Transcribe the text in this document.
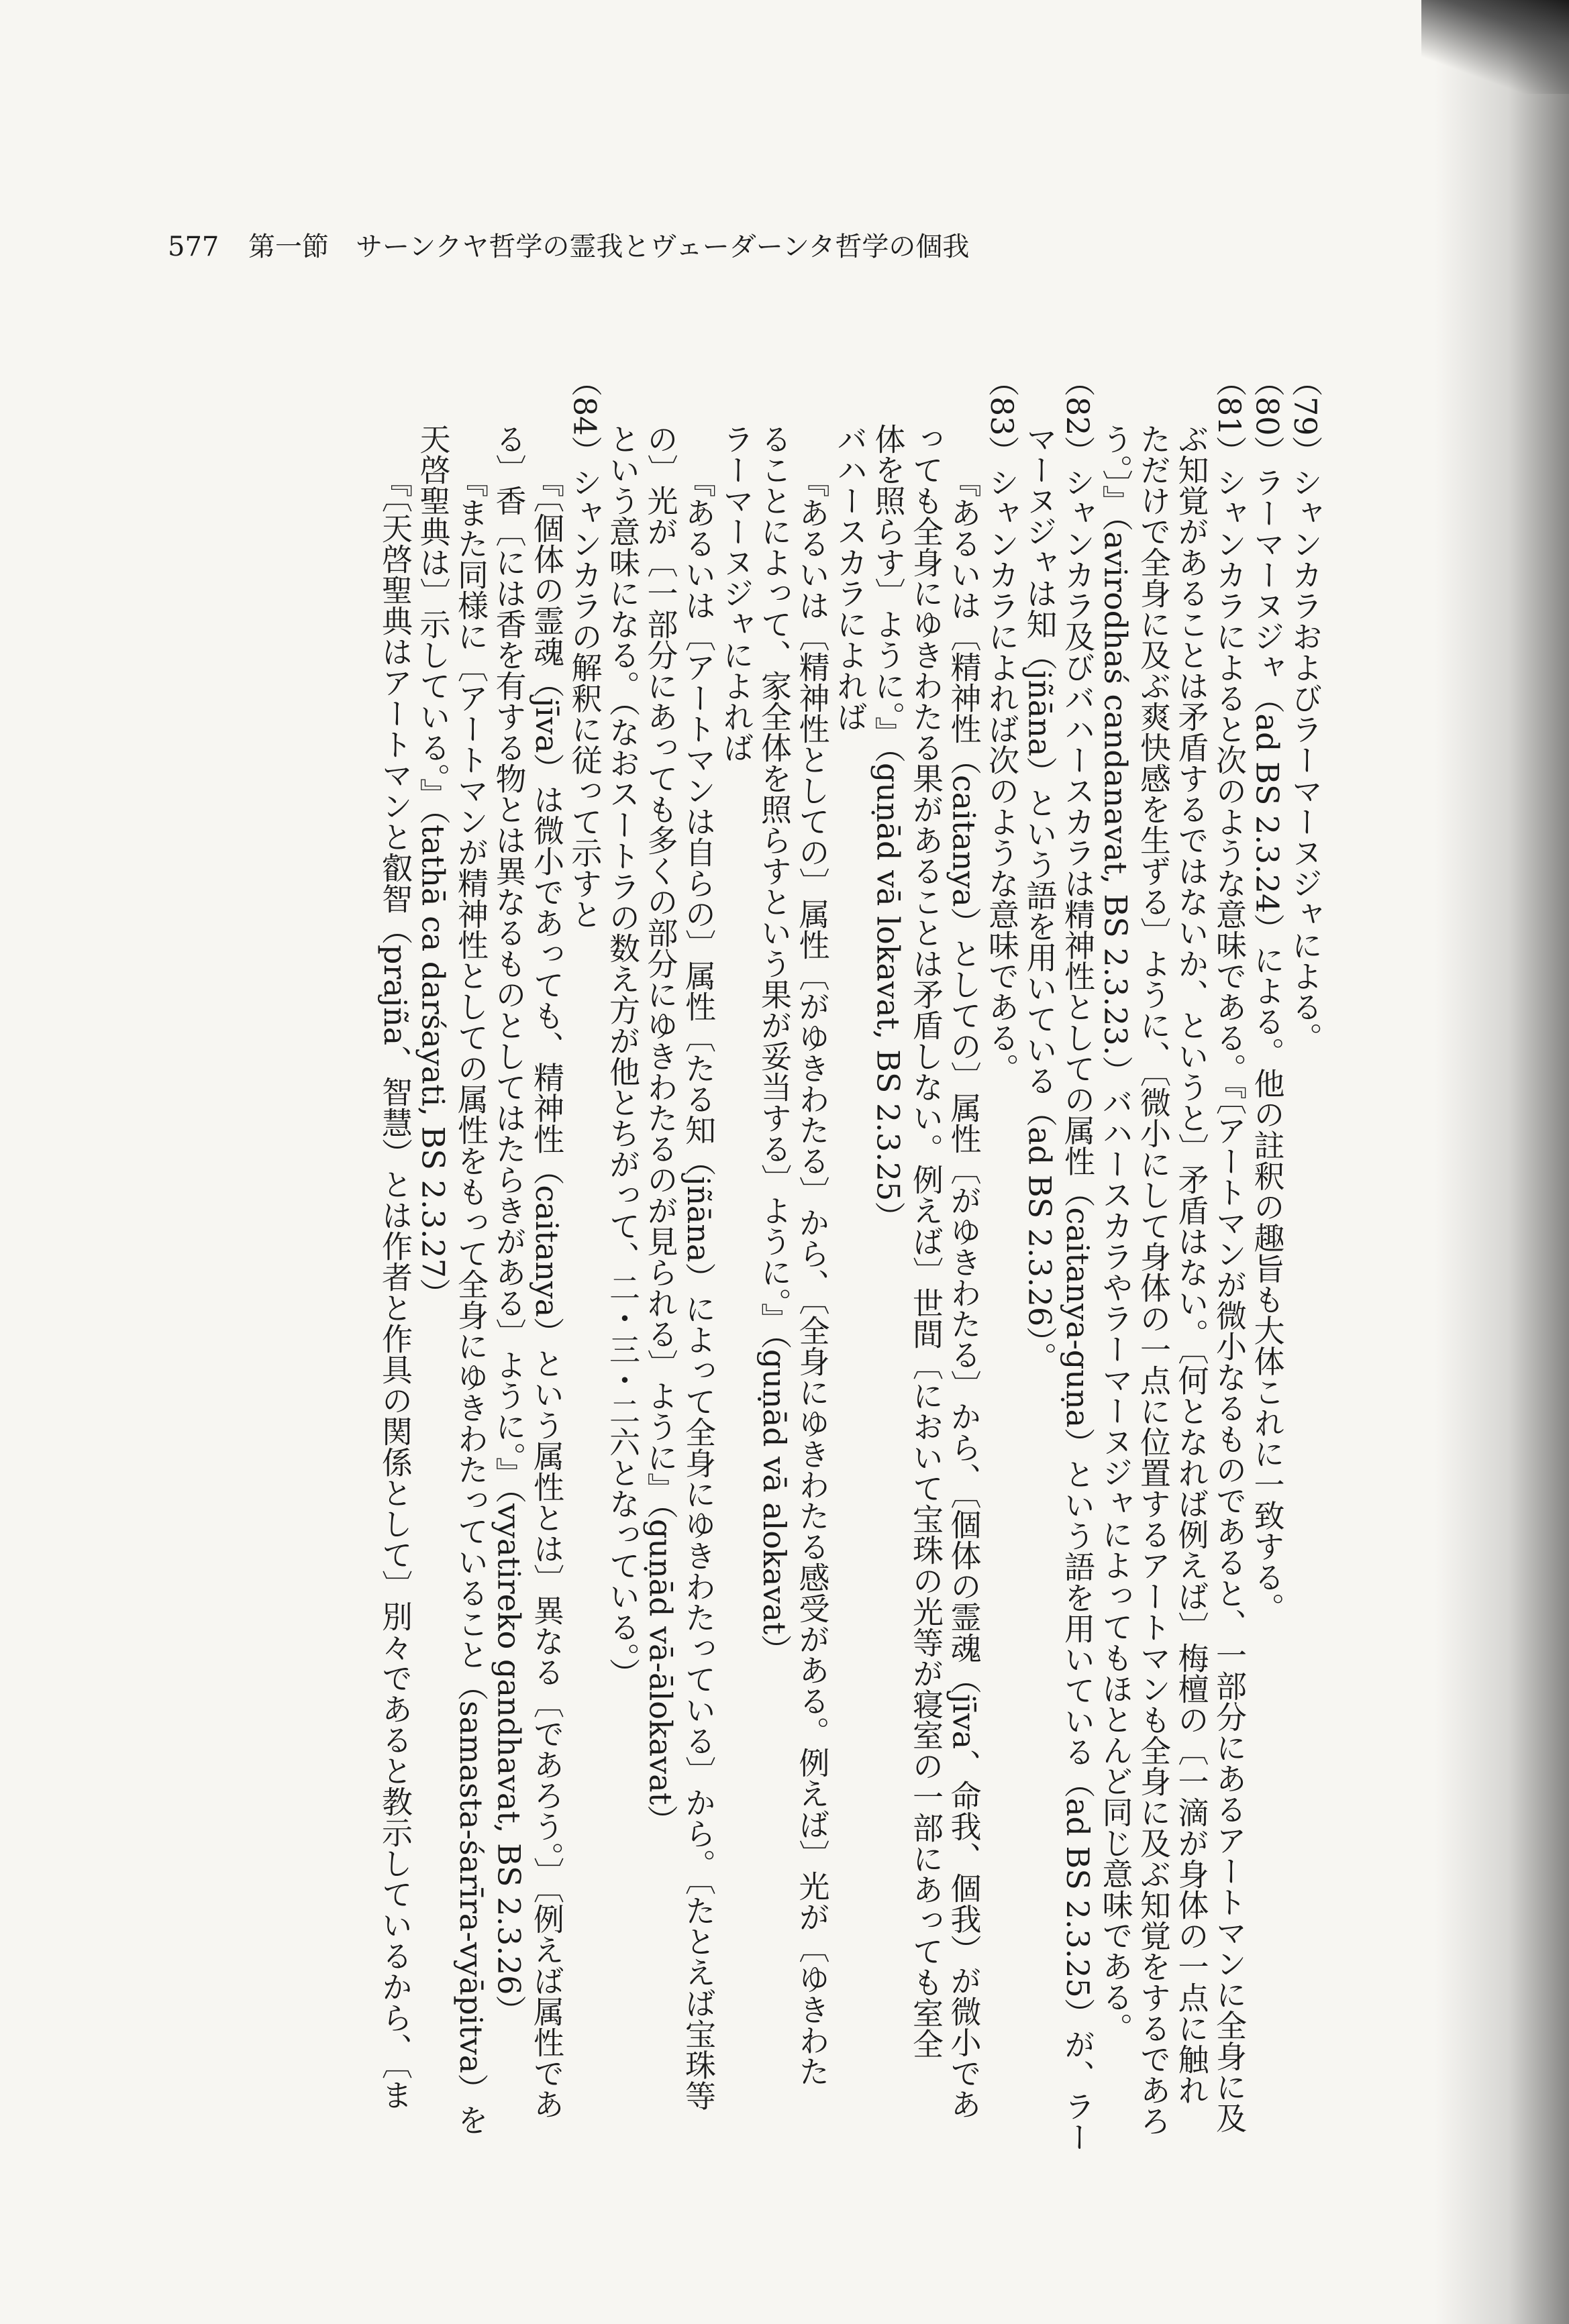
577 第一節　サーンクヤ哲学の霊我とヴェーダーンタ哲学の個我
（79）シャンカラおよびラーマーヌジャによる。
（80）ラーマーヌジャ（ad BS 2.3.24）による。他の註釈の趣旨も大体これに一致する。
（81）シャンカラによると次のような意味である。『〔アートマンが微小なるものであると、一部分にあるアートマンに全身に及
ぶ知覚があることは矛盾するではないか、というと〕矛盾はない。〔何となれば例えば〕梅檀の〔一滴が身体の一点に触れ
ただけで全身に及ぶ爽快感を生ずる〕ように、〔微小にして身体の一点に位置するアートマンも全身に及ぶ知覚をするであろ
う。〕』（avirodhaś candanavat, BS 2.3.23.）バハースカラやラーマーヌジャによってもほとんど同じ意味である。
（82）シャンカラ及びバハースカラは精神性としての属性（caitanya-guṇa）という語を用いている（ad BS 2.3.25）が、ラー
マーヌジャは知（jñāna）という語を用いている（ad BS 2.3.26）。
（83）シャンカラによれば次のような意味である。
『あるいは〔精神性（caitanya）としての〕属性〔がゆきわたる〕から、〔個体の霊魂（jīva、命我、個我）が微小であ
っても全身にゆきわたる果があることは矛盾しない。例えば〕世間〔において宝珠の光等が寝室の一部にあっても室全
体を照らす〕ように。』（guṇād vā lokavat, BS 2.3.25）
バハースカラによれば
『あるいは〔精神性としての〕属性〔がゆきわたる〕から、〔全身にゆきわたる感受がある。例えば〕光が〔ゆきわた
ることによって、家全体を照らすという果が妥当する〕ように。』（guṇād vā alokavat）
ラーマーヌジャによれば
『あるいは〔アートマンは自らの〕属性〔たる知（jñāna）によって全身にゆきわたっている〕から。〔たとえば宝珠等
の〕光が〔一部分にあっても多くの部分にゆきわたるのが見られる〕ように』（guṇād vā-ālokavat）
という意味になる。（なおスートラの数え方が他とちがって、二・三・二六となっている。）
（84）シャンカラの解釈に従って示すと
『〔個体の霊魂（jīva）は微小であっても、精神性（caitanya）という属性とは〕異なる〔であろう。〕〔例えば属性であ
る〕香〔には香を有する物とは異なるものとしてはたらきがある〕ように。』（vyatireko gandhavat, BS 2.3.26）
『また同様に〔アートマンが精神性としての属性をもって全身にゆきわたっていること（samasta-śarīra-vyāpitva）を
天啓聖典は〕示している。』（tathā ca darśayati, BS 2.3.27）
『〔天啓聖典はアートマンと叡智（prajña、智慧）とは作者と作具の関係として〕別々であると教示しているから、〔ま
